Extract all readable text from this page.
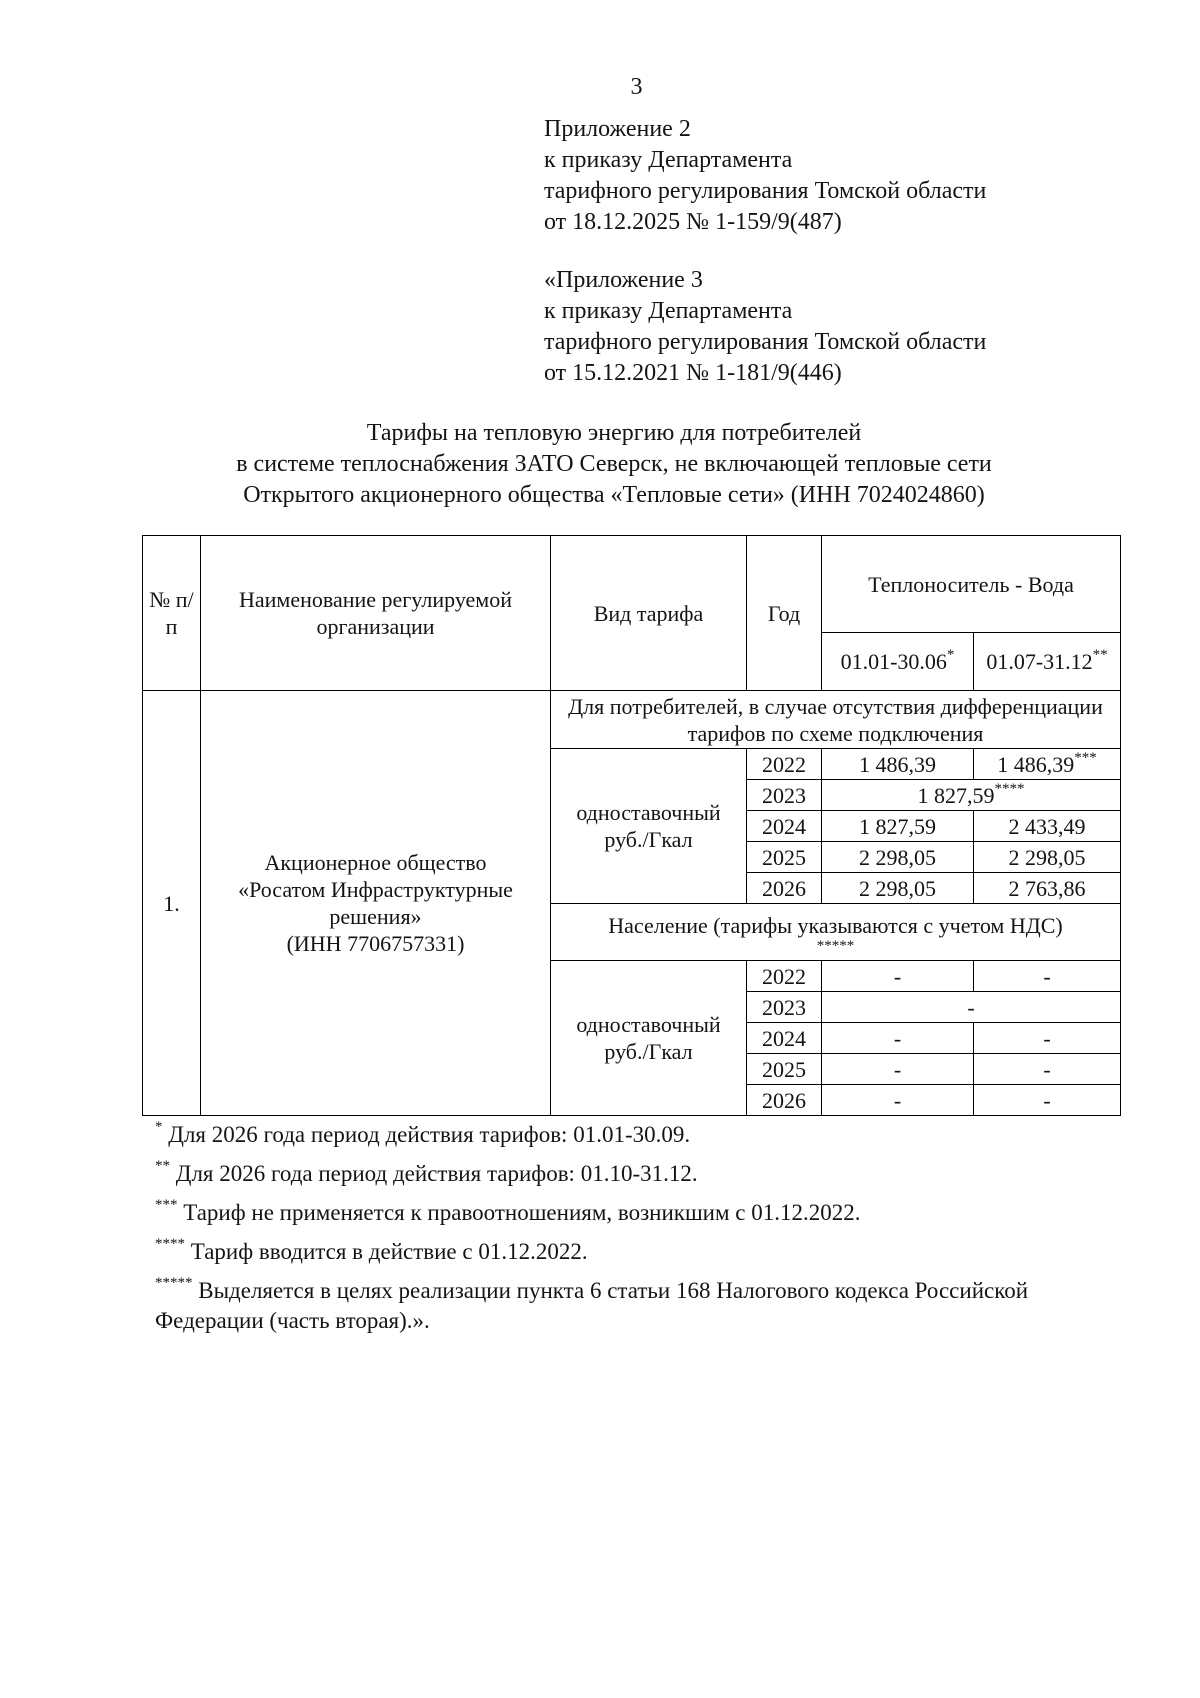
3
Приложение 2
к приказу Департамента
тарифного регулирования Томской области
от 18.12.2025 № 1-159/9(487)
«Приложение 3
к приказу Департамента
тарифного регулирования Томской области
от 15.12.2021 № 1-181/9(446)
Тарифы на тепловую энергию для потребителей
в системе теплоснабжения ЗАТО Северск, не включающей тепловые сети
Открытого акционерного общества «Тепловые сети» (ИНН 7024024860)
№ п/п	Наименование регулируемой организации	Вид тарифа	Год	Теплоноситель - Вода	
				01.01-30.06*	01.07-31.12**
1.	Акционерное общество
«Росатом Инфраструктурные
решения»
(ИНН 7706757331)	Для потребителей, в случае отсутствия дифференциации тарифов по схеме подключения			
		одноставочный руб./Гкал	2022	1 486,39	1 486,39***
			2023	1 827,59****
			2024	1 827,59	2 433,49
			2025	2 298,05	2 298,05
			2026	2 298,05	2 763,86
		Население (тарифы указываются с учетом НДС)
*****			

		одноставочный руб./Гкал	2022	-	-
			2023	-	
			2024	-	-
			2025	-	-
			2026	-	-

* Для 2026 года период действия тарифов: 01.01-30.09.

** Для 2026 года период действия тарифов: 01.10-31.12.

*** Тариф не применяется к правоотношениям, возникшим с 01.12.2022.

**** Тариф вводится в действие с 01.12.2022.

***** Выделяется в целях реализации пункта 6 статьи 168 Налогового кодекса Российской Федерации (часть вторая).».
